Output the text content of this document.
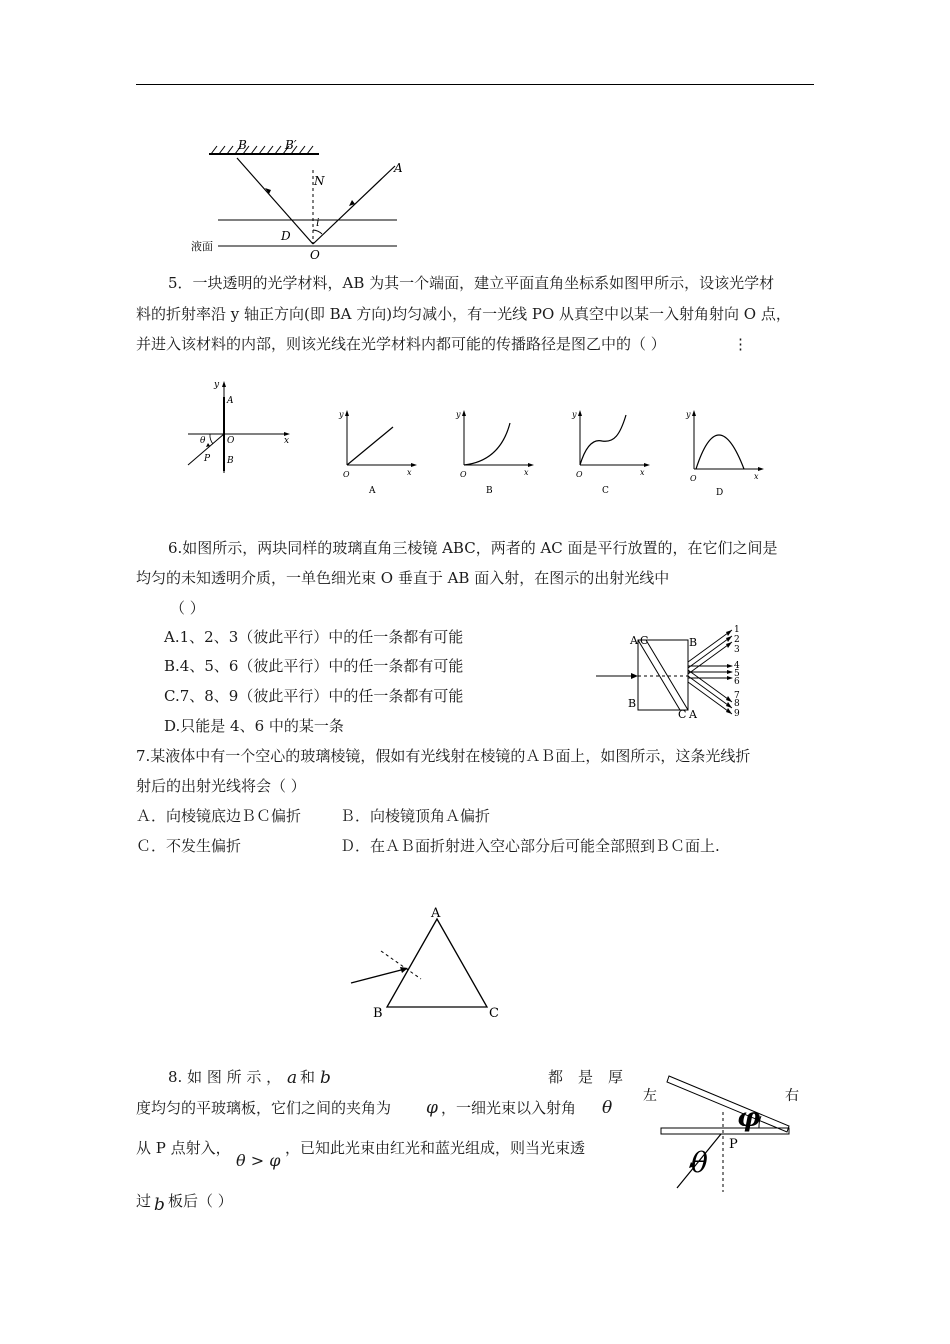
B	B′
A
N
D
O
i
液面
5．一块透明的光学材料，AB 为其一个端面，建立平面直角坐标系如图甲所示，设该光学材
料的折射率沿 y 轴正方向(即 BA 方向)均匀减小，有一光线 PO 从真空中以某一入射角射向 O 点，
并进入该材料的内部，则该光线在光学材料内都可能的传播路径是图乙中的（ ）	⋮
y
A
θ O	x
P B
y
O	x
A
y
O	x
B
y
O	x
C
y
O	x
D
6.如图所示，两块同样的玻璃直角三棱镜 ABC，两者的 AC 面是平行放置的，在它们之间是
均匀的未知透明介质，一单色细光束 O 垂直于 AB 面入射，在图示的出射光线中
（ ）
A.1、2、3（彼此平行）中的任一条都有可能
B.4、5、6（彼此平行）中的任一条都有可能
C.7、8、9（彼此平行）中的任一条都有可能
D.只能是 4、6 中的某一条
A C	B
B
C A
1
2
3
4
5
6
7
8
9
7.某液体中有一个空心的玻璃棱镜，假如有光线射在棱镜的ＡＢ面上，如图所示，这条光线折
射后的出射光线将会（ ）
Ａ．向棱镜底边ＢＣ偏折	Ｂ．向棱镜顶角Ａ偏折
Ｃ．不发生偏折	Ｄ．在ＡＢ面折射进入空心部分后可能全部照到ＢＣ面上.
A
B	C
8. 如 图 所 示 ， a 和 b	都　是　厚
度均匀的平玻璃板，它们之间的夹角为 φ ，一细光束以入射角 θ
从 P 点射入，
θ > φ
，已知此光束由红光和蓝光组成，则当光束透
过 b 板后（ ）
φ
θ
左	右
P
